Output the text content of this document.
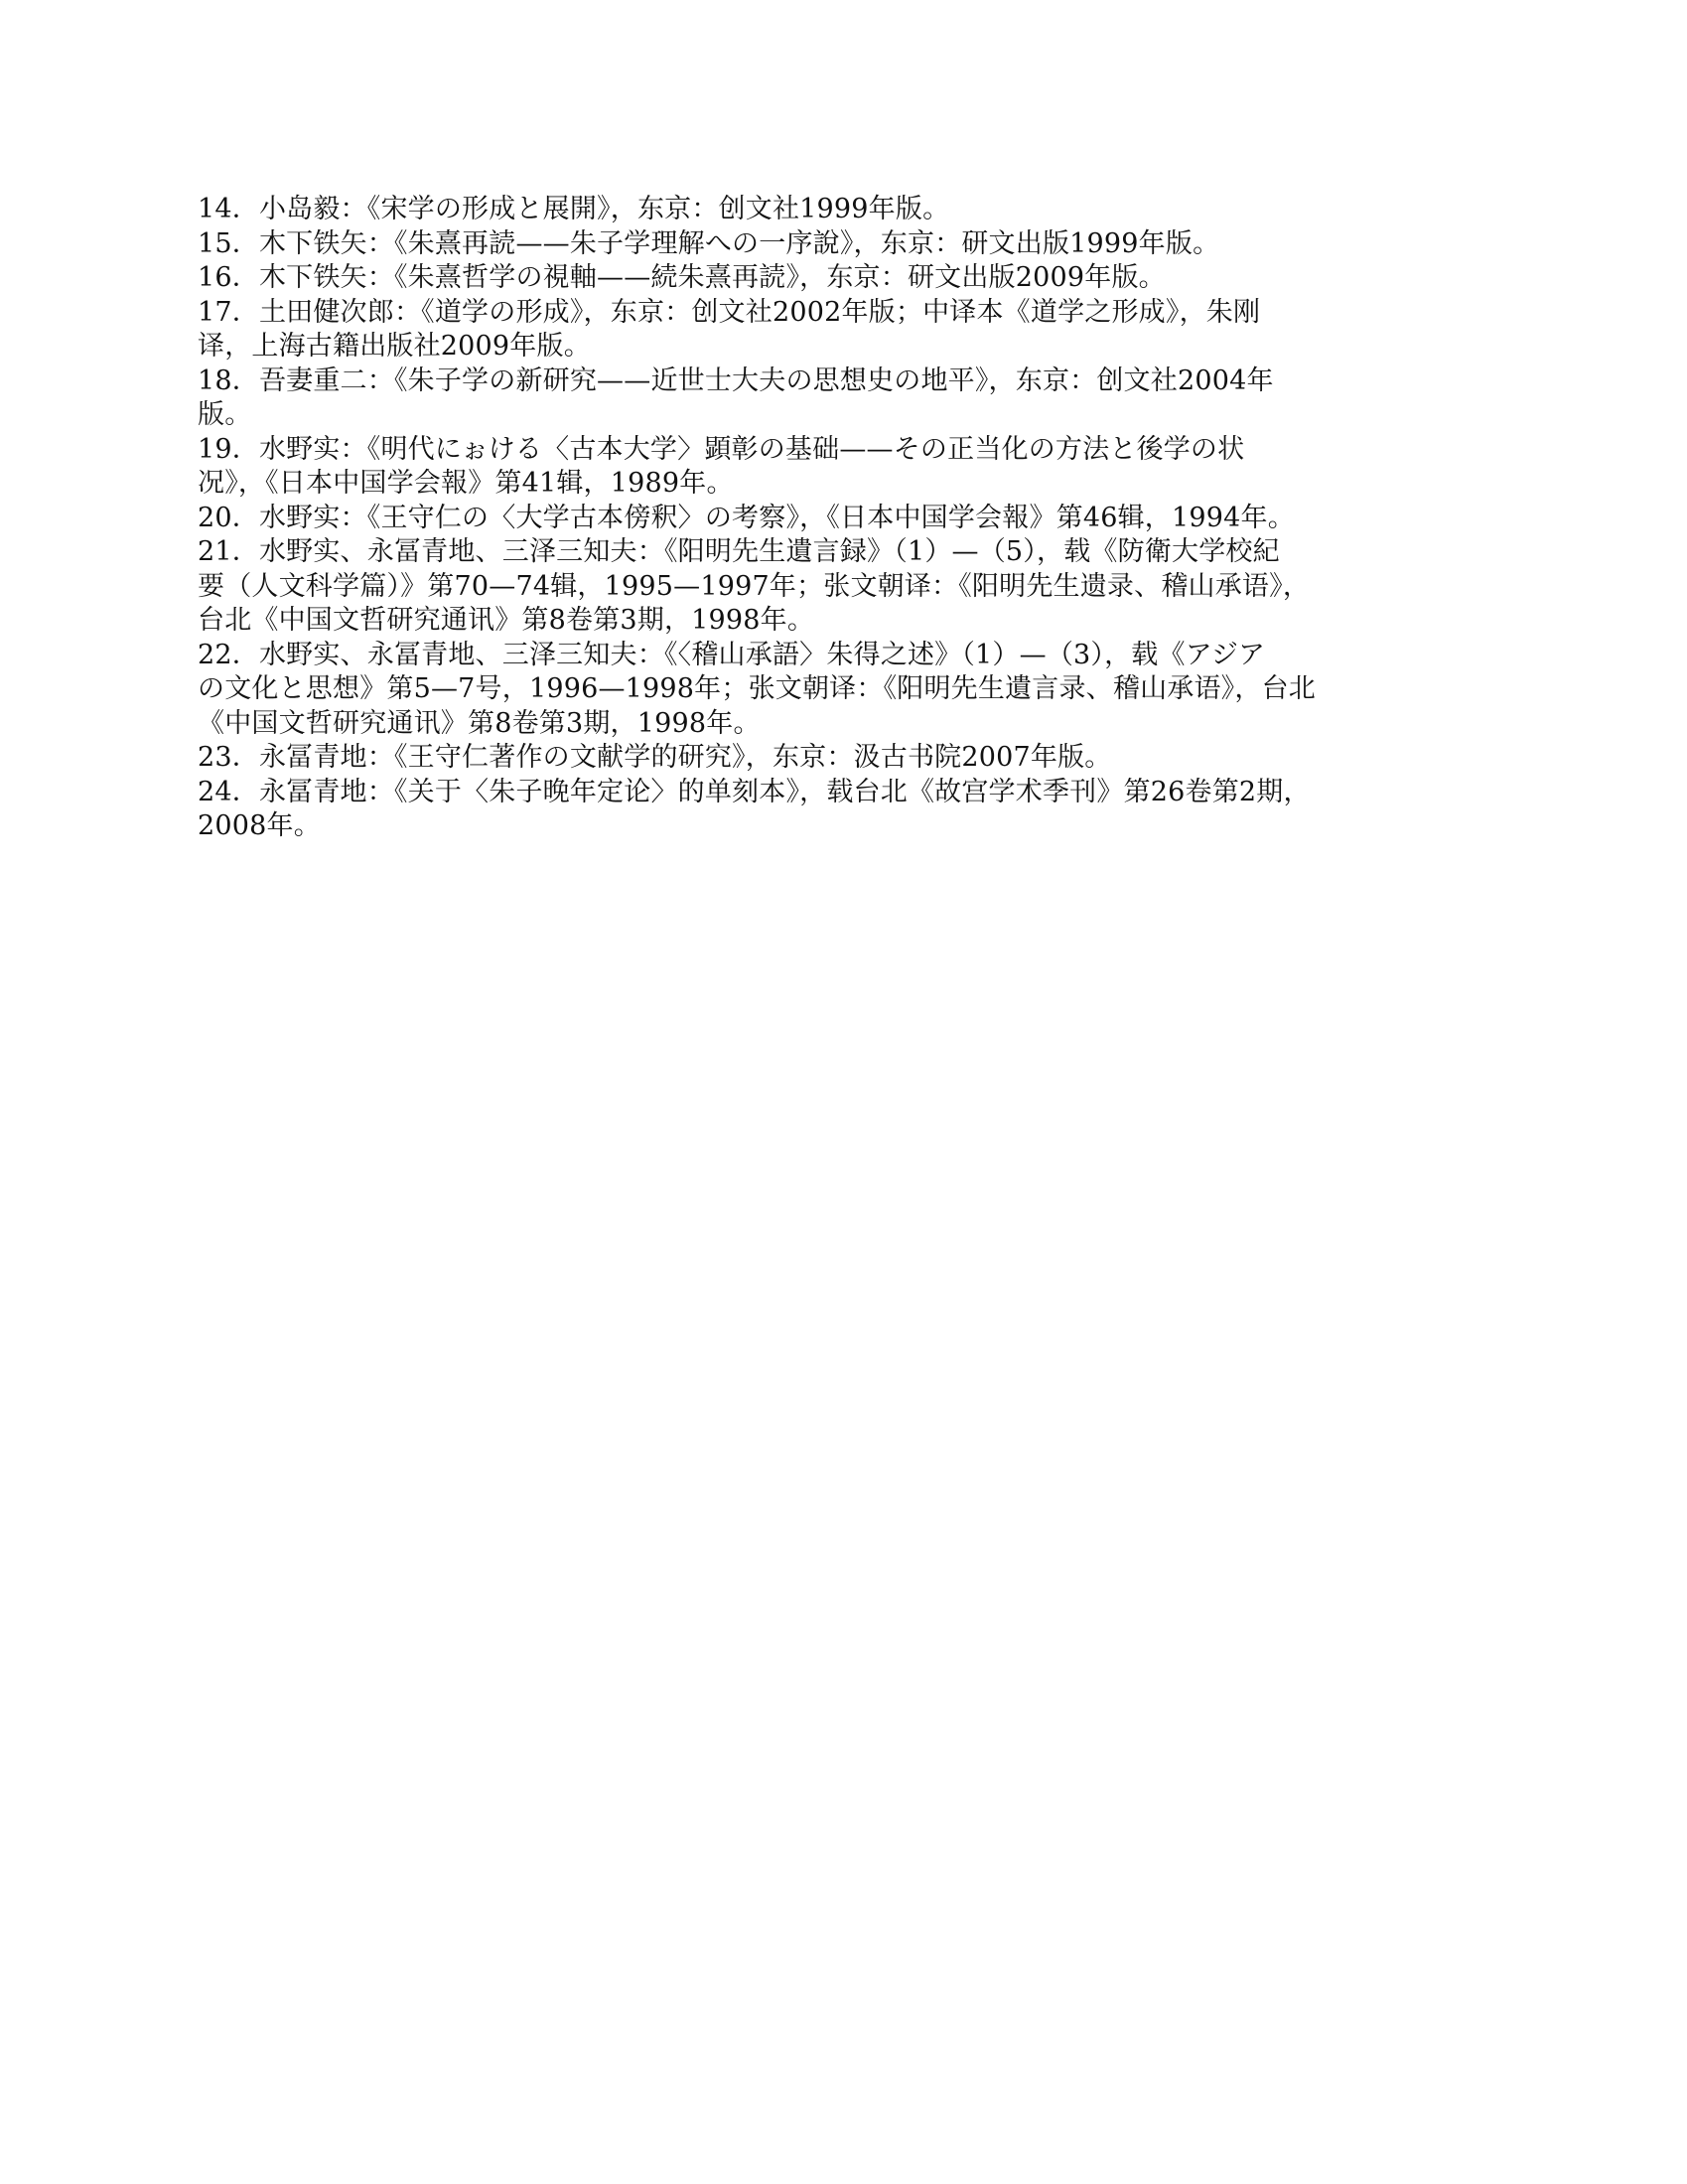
14．小岛毅：《宋学の形成と展開》，东京：创文社1999年版。

15．木下铁矢：《朱熹再読——朱子学理解への一序說》，东京：研文出版1999年版。

16．木下铁矢：《朱熹哲学の視軸——続朱熹再読》，东京：研文出版2009年版。

17．土田健次郎：《道学の形成》，东京：创文社2002年版；中译本《道学之形成》，朱刚

译，上海古籍出版社2009年版。

18．吾妻重二：《朱子学の新研究——近世士大夫の思想史の地平》，东京：创文社2004年

版。

19．水野实：《明代にぉける〈古本大学〉顕彰の基础——その正当化の方法と後学の状

况》，《日本中国学会報》第41辑，1989年。

20．水野实：《王守仁の〈大学古本傍釈〉の考察》，《日本中国学会報》第46辑，1994年。

21．水野实、永冨青地、三泽三知夫：《阳明先生遺言録》（1）—（5），载《防衛大学校紀

要（人文科学篇）》第70—74辑，1995—1997年；张文朝译：《阳明先生遗录、稽山承语》，

台北《中国文哲研究通讯》第8卷第3期，1998年。

22．水野实、永冨青地、三泽三知夫：《〈稽山承語〉朱得之述》（1）—（3），载《アジア

の文化と思想》第5—7号，1996—1998年；张文朝译：《阳明先生遺言录、稽山承语》，台北

《中国文哲研究通讯》第8卷第3期，1998年。

23．永冨青地：《王守仁著作の文献学的研究》，东京：汲古书院2007年版。

24．永冨青地：《关于〈朱子晚年定论〉的单刻本》，载台北《故宫学术季刊》第26卷第2期，

2008年。
